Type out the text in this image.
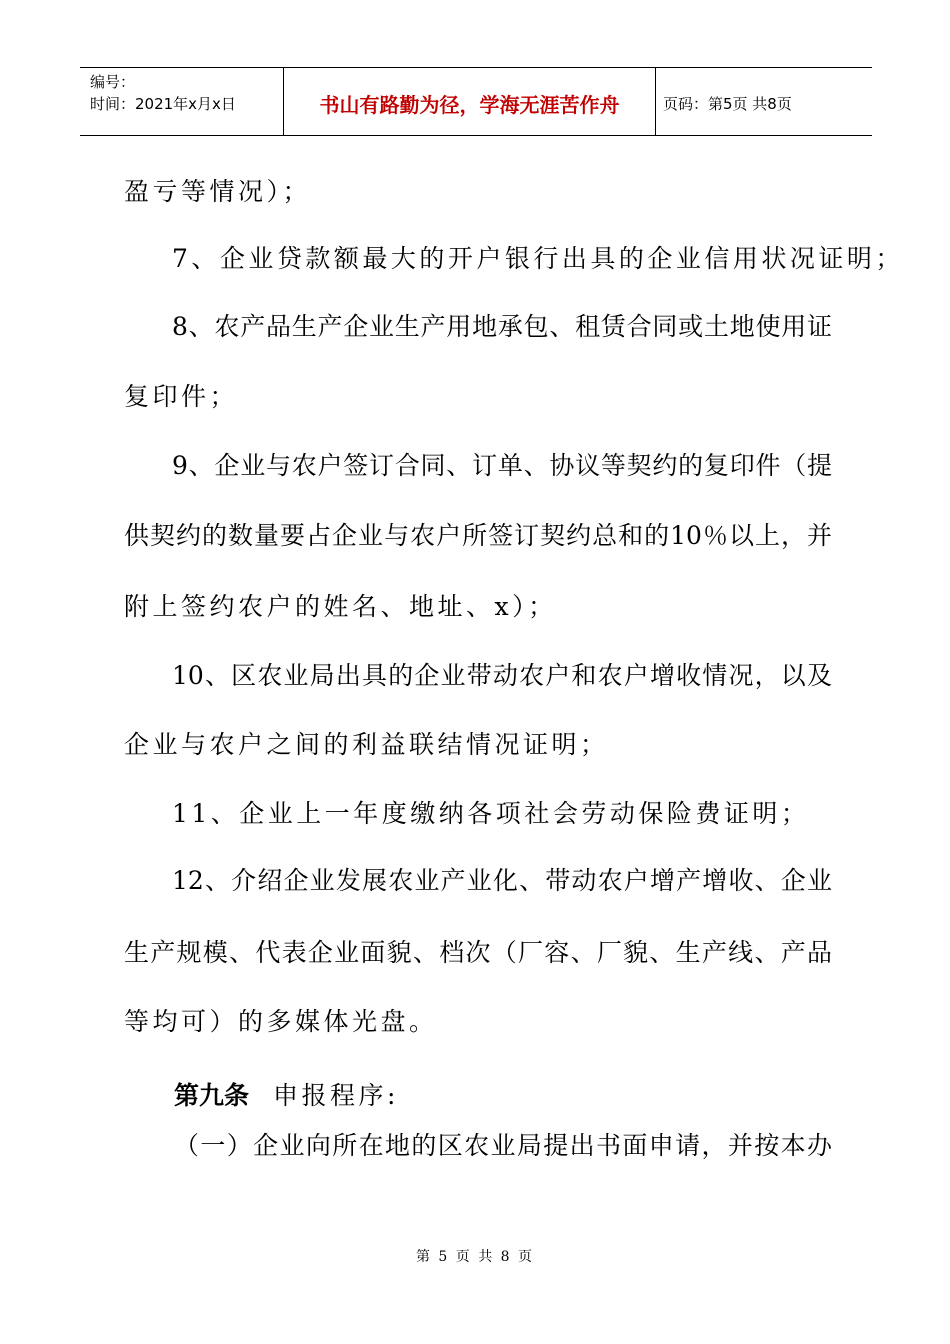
编号：
时间：2021年x月x日	书山有路勤为径，学海无涯苦作舟	页码：第5页 共8页
盈亏等情况）；
7、企业贷款额最大的开户银行出具的企业信用状况证明；
8、农产品生产企业生产用地承包、租赁合同或土地使用证
复印件；
9、企业与农户签订合同、订单、协议等契约的复印件（提
供契约的数量要占企业与农户所签订契约总和的10％以上，并
附上签约农户的姓名、地址、x）；
10、区农业局出具的企业带动农户和农户增收情况，以及
企业与农户之间的利益联结情况证明；
11、企业上一年度缴纳各项社会劳动保险费证明；
12、介绍企业发展农业产业化、带动农户增产增收、企业
生产规模、代表企业面貌、档次（厂容、厂貌、生产线、产品
等均可）的多媒体光盘。
第九条 申报程序:
（一）企业向所在地的区农业局提出书面申请，并按本办
第 5 页 共 8 页
